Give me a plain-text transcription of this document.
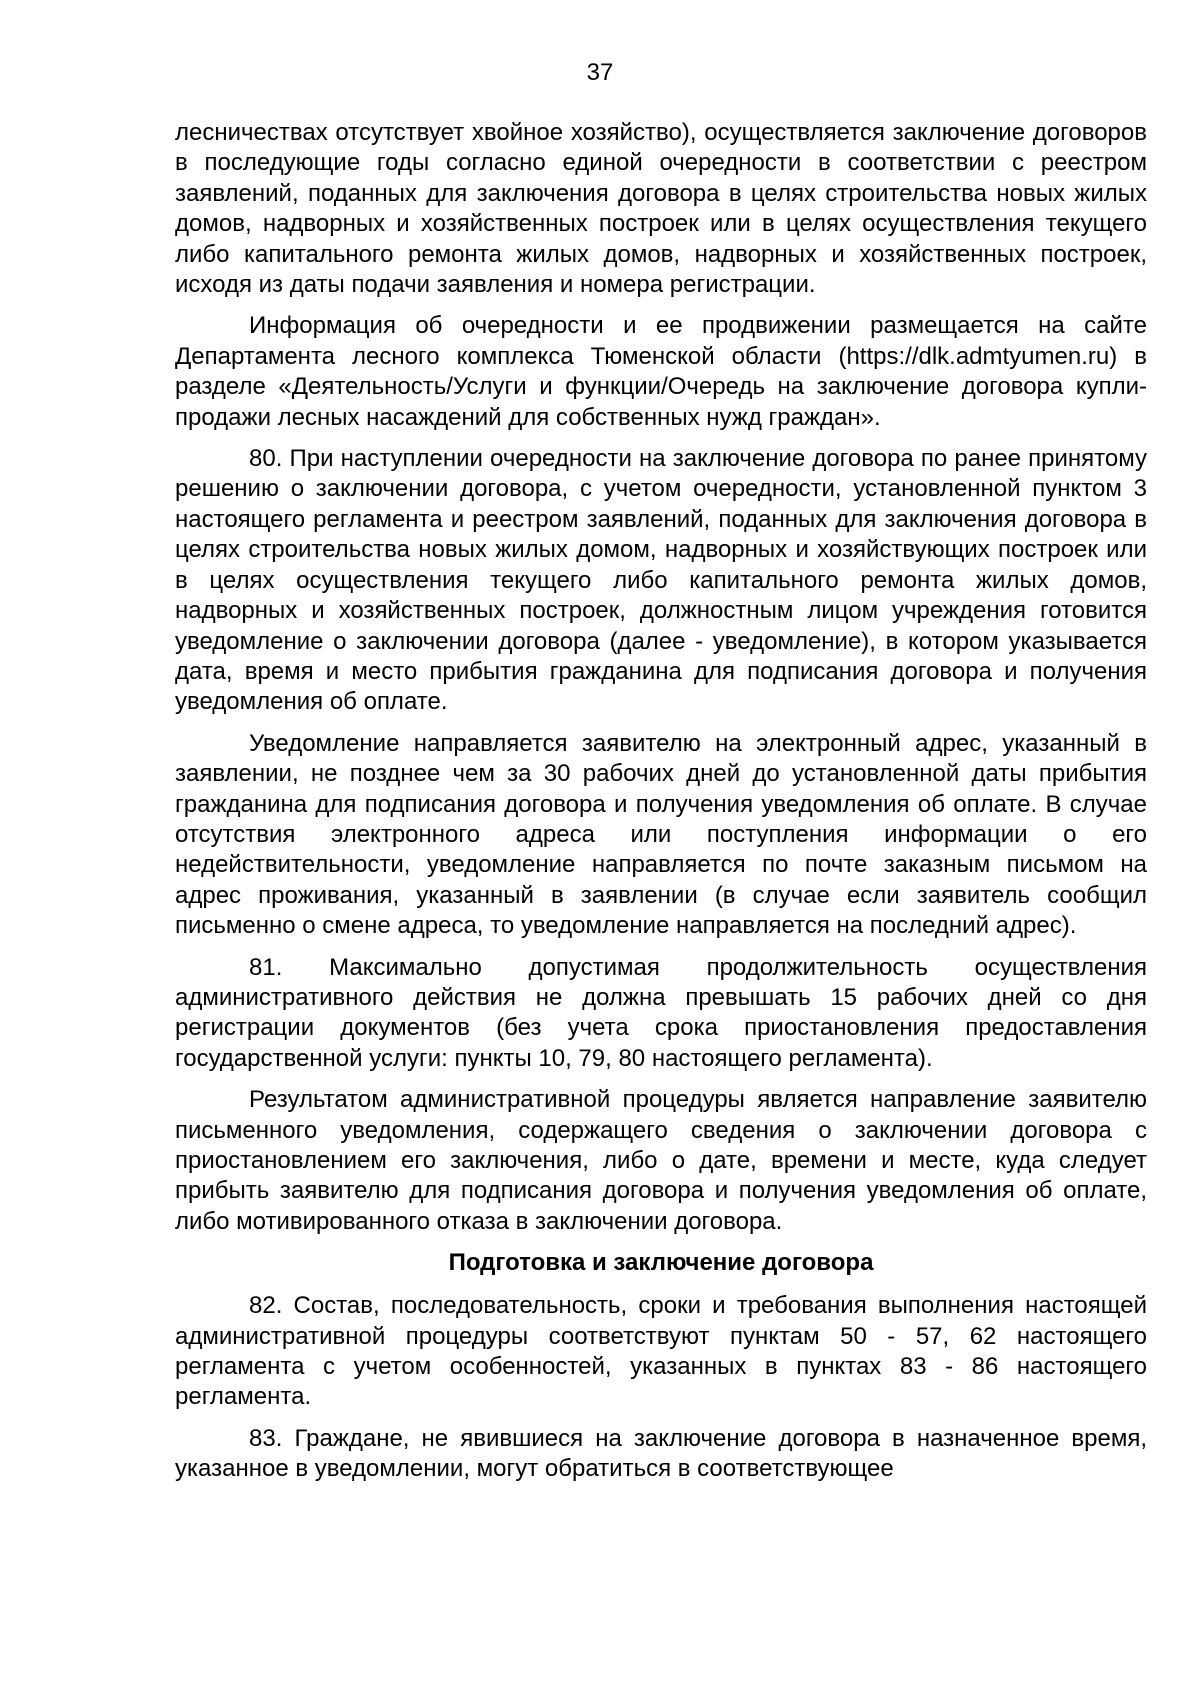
37

лесничествах отсутствует хвойное хозяйство), осуществляется заключение договоров в последующие годы согласно единой очередности в соответствии с реестром заявлений, поданных для заключения договора в целях строительства новых жилых домов, надворных и хозяйственных построек или в целях осуществления текущего либо капитального ремонта жилых домов, надворных и хозяйственных построек, исходя из даты подачи заявления и номера регистрации.

Информация об очередности и ее продвижении размещается на сайте Департамента лесного комплекса Тюменской области (https://dlk.admtyumen.ru) в разделе «Деятельность/Услуги и функции/Очередь на заключение договора купли-продажи лесных насаждений для собственных нужд граждан».

80. При наступлении очередности на заключение договора по ранее принятому решению о заключении договора, с учетом очередности, установленной пунктом 3 настоящего регламента и реестром заявлений, поданных для заключения договора в целях строительства новых жилых домом, надворных и хозяйствующих построек или в целях осуществления текущего либо капитального ремонта жилых домов, надворных и хозяйственных построек, должностным лицом учреждения готовится уведомление о заключении договора (далее - уведомление), в котором указывается дата, время и место прибытия гражданина для подписания договора и получения уведомления об оплате.

Уведомление направляется заявителю на электронный адрес, указанный в заявлении, не позднее чем за 30 рабочих дней до установленной даты прибытия гражданина для подписания договора и получения уведомления об оплате. В случае отсутствия электронного адреса или поступления информации о его недействительности, уведомление направляется по почте заказным письмом на адрес проживания, указанный в заявлении (в случае если заявитель сообщил письменно о смене адреса, то уведомление направляется на последний адрес).

81. Максимально допустимая продолжительность осуществления административного действия не должна превышать 15 рабочих дней со дня регистрации документов (без учета срока приостановления предоставления государственной услуги: пункты 10, 79, 80 настоящего регламента).

Результатом административной процедуры является направление заявителю письменного уведомления, содержащего сведения о заключении договора с приостановлением его заключения, либо о дате, времени и месте, куда следует прибыть заявителю для подписания договора и получения уведомления об оплате, либо мотивированного отказа в заключении договора.

Подготовка и заключение договора

82. Состав, последовательность, сроки и требования выполнения настоящей административной процедуры соответствуют пунктам 50 - 57, 62 настоящего регламента с учетом особенностей, указанных в пунктах 83 - 86 настоящего регламента.

83. Граждане, не явившиеся на заключение договора в назначенное время, указанное в уведомлении, могут обратиться в соответствующее
